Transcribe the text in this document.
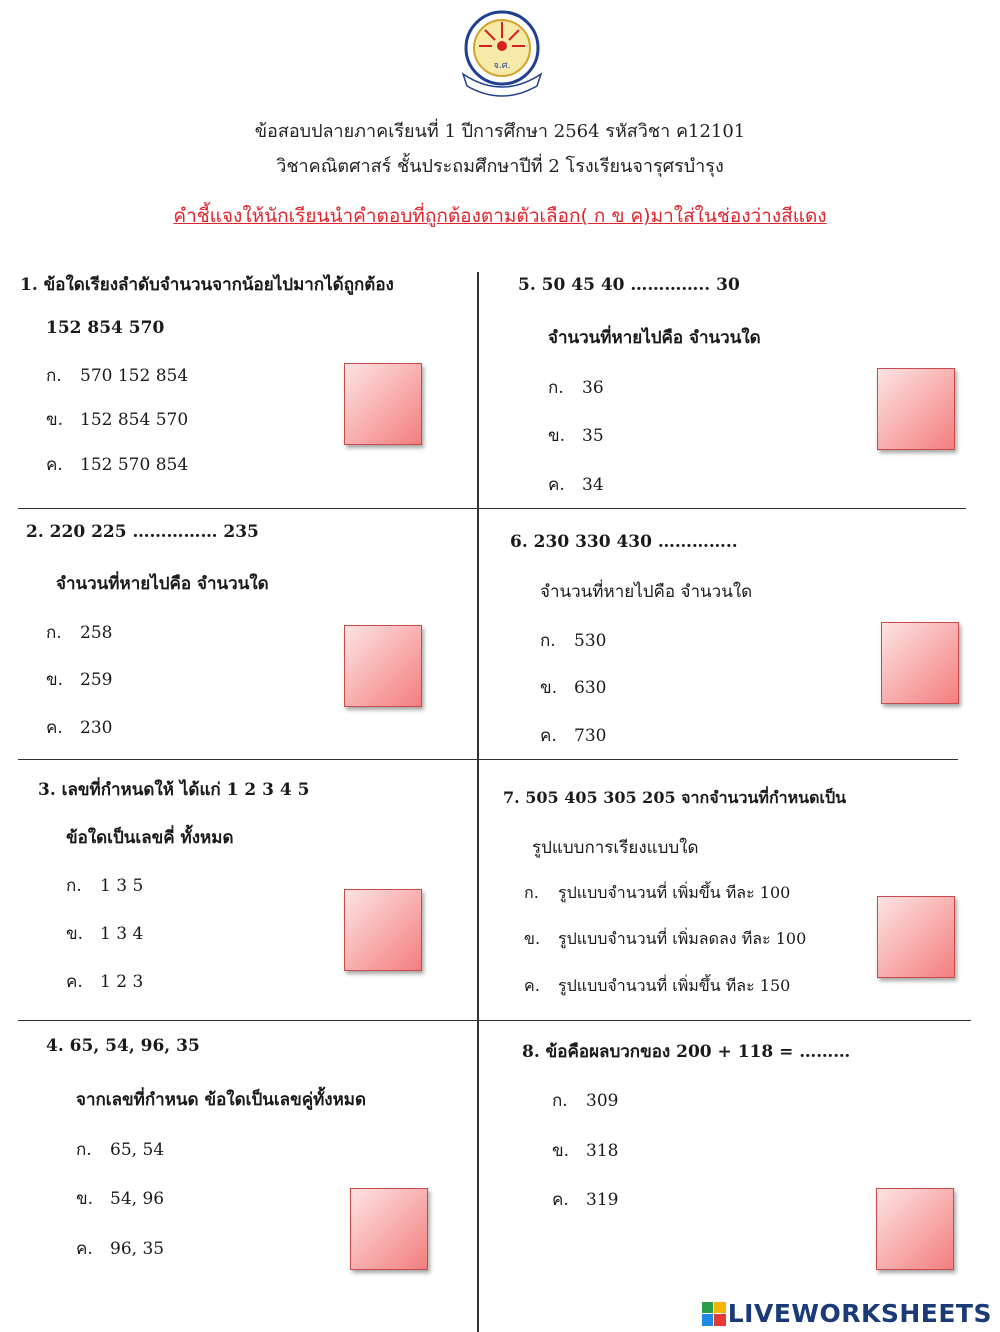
จ.ศ.
ข้อสอบปลายภาคเรียนที่ 1 ปีการศึกษา 2564 รหัสวิชา ค12101
วิชาคณิตศาสร์ ชั้นประถมศึกษาปีที่ 2 โรงเรียนจารุศรบำรุง
คำชี้แจงให้นักเรียนนำคำตอบที่ถูกต้องตามตัวเลือก( ก ข ค)มาใส่ในช่องว่างสีแดง
1. ข้อใดเรียงลำดับจำนวนจากน้อยไปมากได้ถูกต้อง
152 854 570
ก. 570 152 854
ข. 152 854 570
ค. 152 570 854
2. 220 225 …………… 235
จำนวนที่หายไปคือ จำนวนใด
ก. 258
ข. 259
ค. 230
3. เลขที่กำหนดให้ ได้แก่ 1 2 3 4 5
ข้อใดเป็นเลขคี่ ทั้งหมด
ก. 1 3 5
ข. 1 3 4
ค. 1 2 3
4. 65, 54, 96, 35
จากเลขที่กำหนด ข้อใดเป็นเลขคู่ทั้งหมด
ก. 65, 54
ข. 54, 96
ค. 96, 35
5. 50 45 40 ………….. 30
จำนวนที่หายไปคือ จำนวนใด
ก. 36
ข. 35
ค. 34
6. 230 330 430 …………..
จำนวนที่หายไปคือ จำนวนใด
ก. 530
ข. 630
ค. 730
7. 505 405 305 205 จากจำนวนที่กำหนดเป็น
รูปแบบการเรียงแบบใด
ก. รูปแบบจำนวนที่ เพิ่มขึ้น ทีละ 100
ข. รูปแบบจำนวนที่ เพิ่มลดลง ทีละ 100
ค. รูปแบบจำนวนที่ เพิ่มขึ้น ทีละ 150
8. ข้อคือผลบวกของ 200 + 118 = ………
ก. 309
ข. 318
ค. 319
LIVEWORKSHEETS
